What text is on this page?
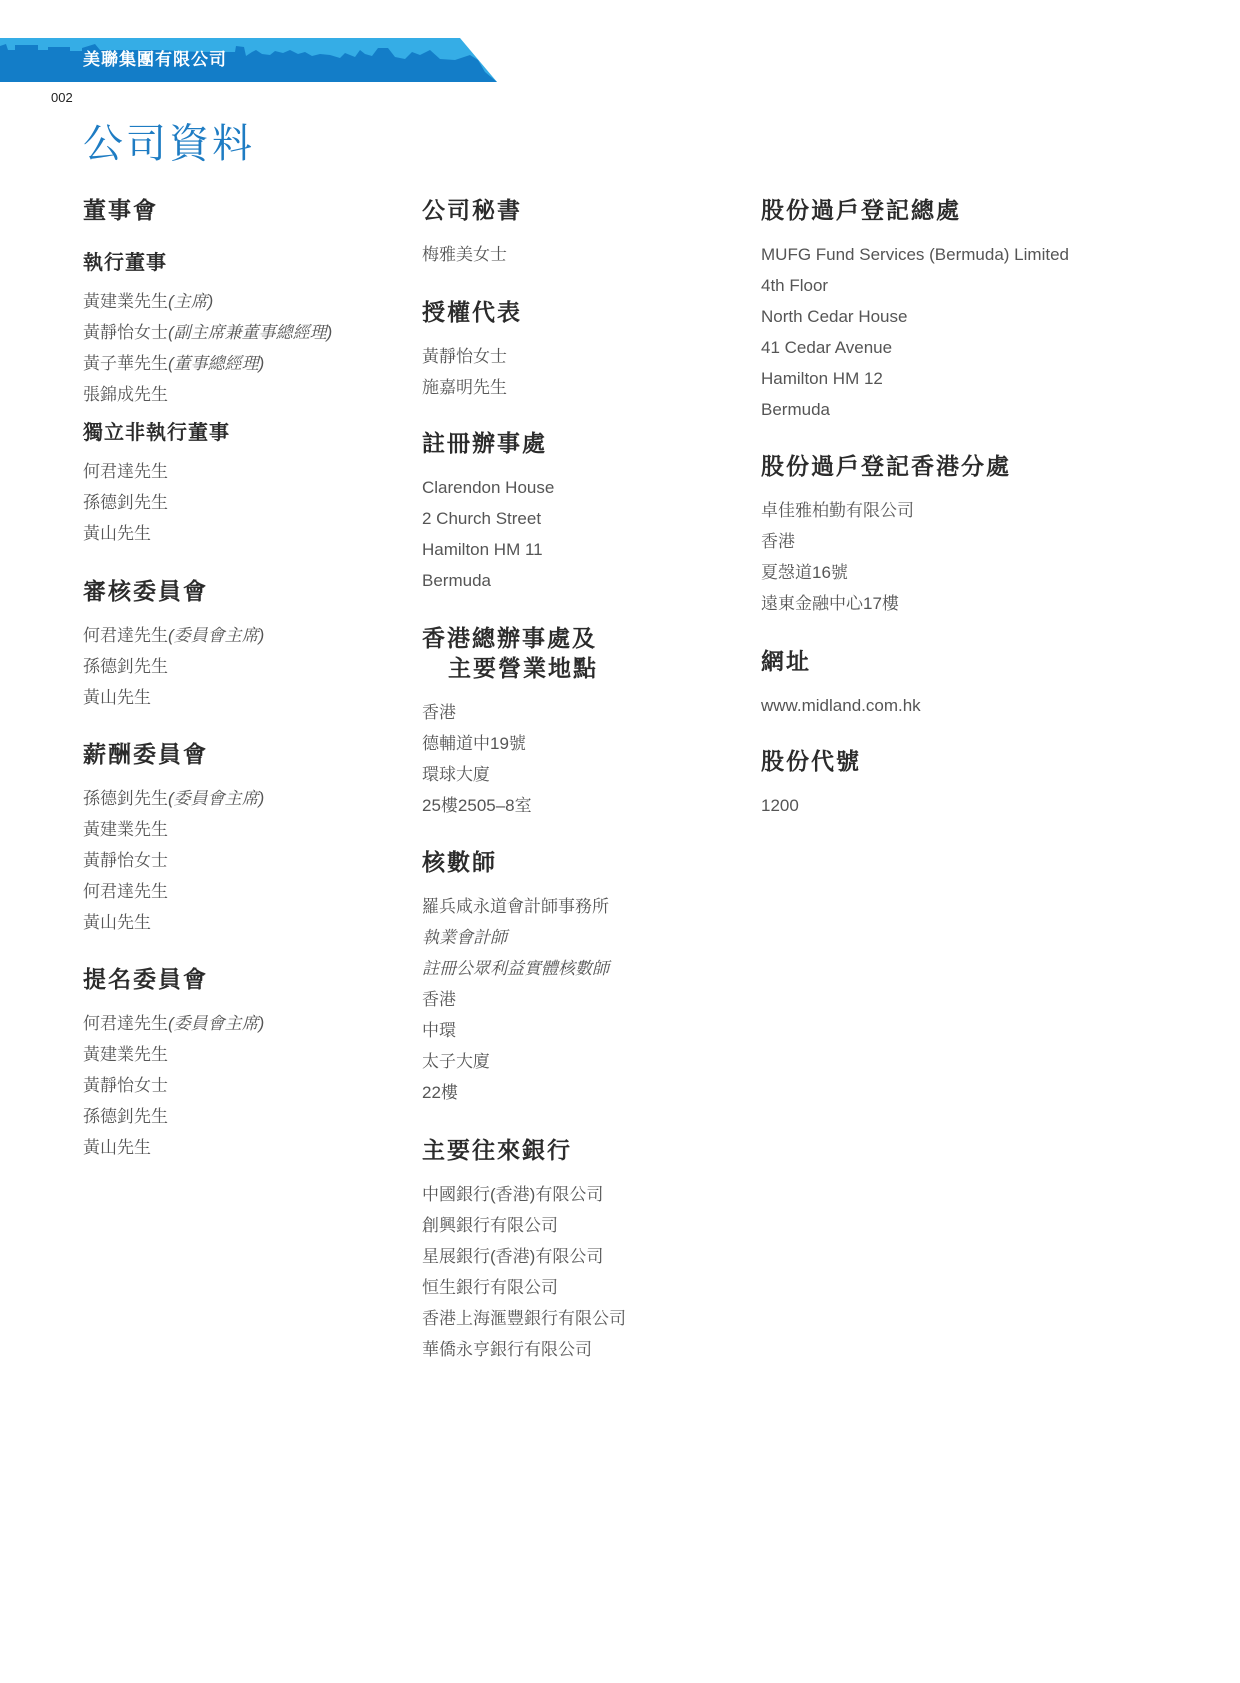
美聯集團有限公司
002
公司資料
董事會
執行董事
黃建業先生(主席)
黃靜怡女士(副主席兼董事總經理)
黃子華先生(董事總經理)
張錦成先生
獨立非執行董事
何君達先生
孫德釗先生
黃山先生
審核委員會
何君達先生(委員會主席)
孫德釗先生
黃山先生
薪酬委員會
孫德釗先生(委員會主席)
黃建業先生
黃靜怡女士
何君達先生
黃山先生
提名委員會
何君達先生(委員會主席)
黃建業先生
黃靜怡女士
孫德釗先生
黃山先生
公司秘書
梅雅美女士
授權代表
黃靜怡女士
施嘉明先生
註冊辦事處
Clarendon House
2 Church Street
Hamilton HM 11
Bermuda
香港總辦事處及
主要營業地點
香港
德輔道中19號
環球大廈
25樓2505–8室
核數師
羅兵咸永道會計師事務所
執業會計師
註冊公眾利益實體核數師
香港
中環
太子大廈
22樓
主要往來銀行
中國銀行(香港)有限公司
創興銀行有限公司
星展銀行(香港)有限公司
恒生銀行有限公司
香港上海滙豐銀行有限公司
華僑永亨銀行有限公司
股份過戶登記總處
MUFG Fund Services (Bermuda) Limited
4th Floor
North Cedar House
41 Cedar Avenue
Hamilton HM 12
Bermuda
股份過戶登記香港分處
卓佳雅柏勤有限公司
香港
夏愨道16號
遠東金融中心17樓
網址
www.midland.com.hk
股份代號
1200
